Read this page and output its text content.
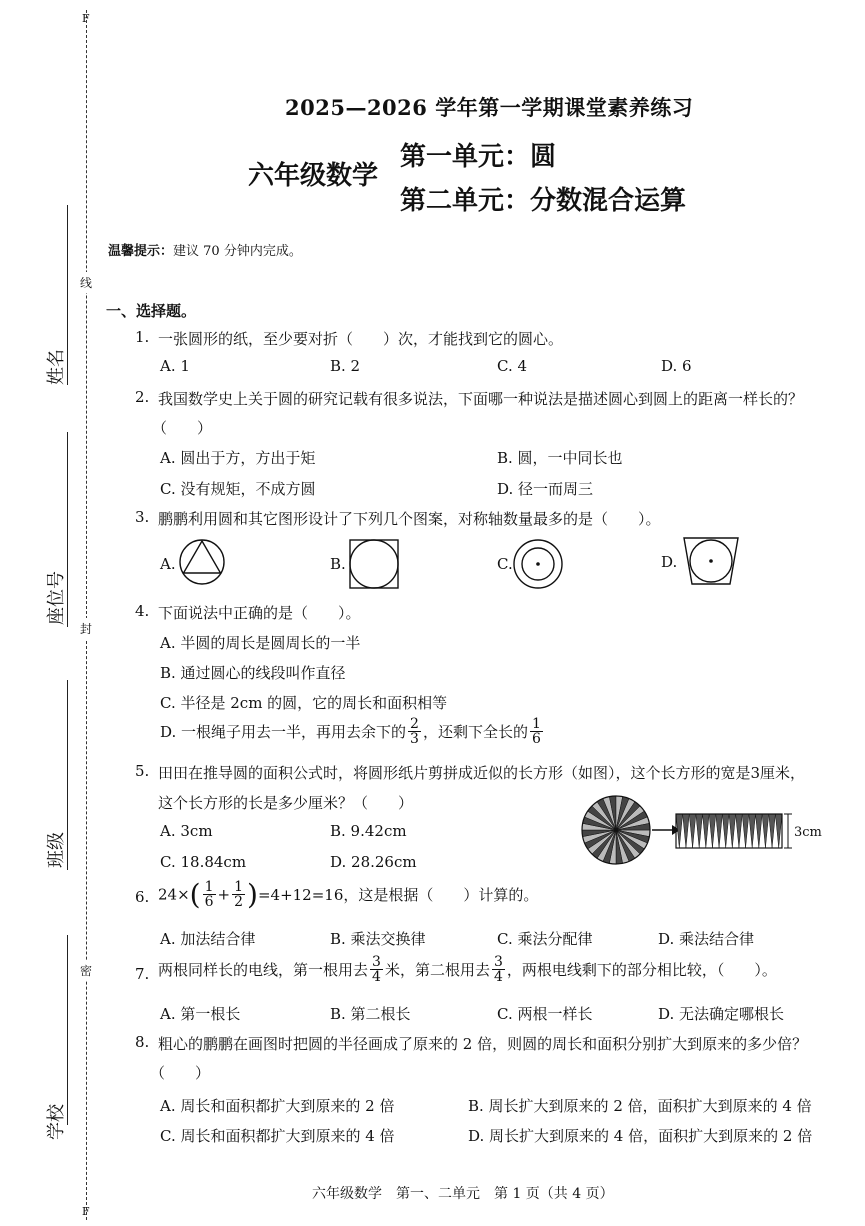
F
F
线
封
密
姓名
座位号
班级
学校
2025—2026 学年第一学期课堂素养练习
六年级数学
第一单元：圆
第二单元：分数混合运算
温馨提示：建议 70 分钟内完成。
一、选择题。
1. 一张圆形的纸，至少要对折（　　）次，才能找到它的圆心。
A. 1	B. 2	C. 4	D. 6
2. 我国数学史上关于圆的研究记载有很多说法，下面哪一种说法是描述圆心到圆上的距离一样长的？
（　　）
A. 圆出于方，方出于矩	B. 圆，一中同长也
C. 没有规矩，不成方圆	D. 径一而周三
3. 鹏鹏利用圆和其它图形设计了下列几个图案，对称轴数量最多的是（　　）。
A.	B.	C.	D.
4. 下面说法中正确的是（　　）。
A. 半圆的周长是圆周长的一半
B. 通过圆心的线段叫作直径
C. 半径是 2cm 的圆，它的周长和面积相等
D. 一根绳子用去一半，再用去余下的 $\frac{2}{3}$ ，还剩下全长的 $\frac{1}{6}$
5. 田田在推导圆的面积公式时，将圆形纸片剪拼成近似的长方形（如图），这个长方形的宽是3厘米，
这个长方形的长是多少厘米？（　　）
A. 3cm	B. 9.42cm
C. 18.84cm	D. 28.26cm
3cm
6. $24\times( \frac{1}{6} + \frac{1}{2} )=4+12=16$，这是根据（　　）计算的。
A. 加法结合律	B. 乘法交换律	C. 乘法分配律	D. 乘法结合律
7. 两根同样长的电线，第一根用去 $\frac{3}{4}$ 米，第二根用去 $\frac{3}{4}$ ，两根电线剩下的部分相比较，（　　）。
A. 第一根长	B. 第二根长	C. 两根一样长	D. 无法确定哪根长
8. 粗心的鹏鹏在画图时把圆的半径画成了原来的 2 倍，则圆的周长和面积分别扩大到原来的多少倍？
（　　）
A. 周长和面积都扩大到原来的 2 倍	B. 周长扩大到原来的 2 倍，面积扩大到原来的 4 倍
C. 周长和面积都扩大到原来的 4 倍	D. 周长扩大到原来的 4 倍，面积扩大到原来的 2 倍
六年级数学　第一、二单元　第 1 页（共 4 页）
